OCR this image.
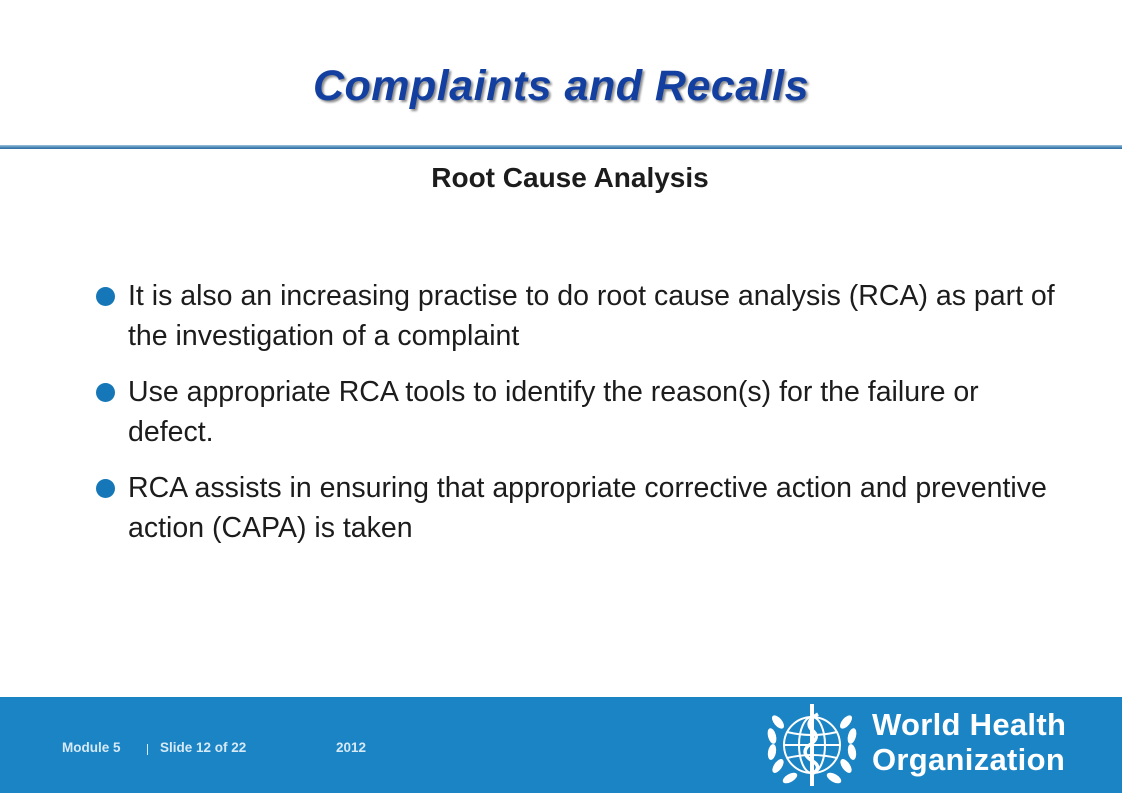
Complaints and Recalls
Root Cause Analysis
It is also an increasing practise to do root cause analysis (RCA) as part of the investigation of a complaint
Use appropriate RCA tools to identify the reason(s) for the failure or defect.
RCA assists in ensuring that appropriate corrective action and preventive action (CAPA) is taken
Module 5	Slide 12 of 22	2012
World Health
Organization
